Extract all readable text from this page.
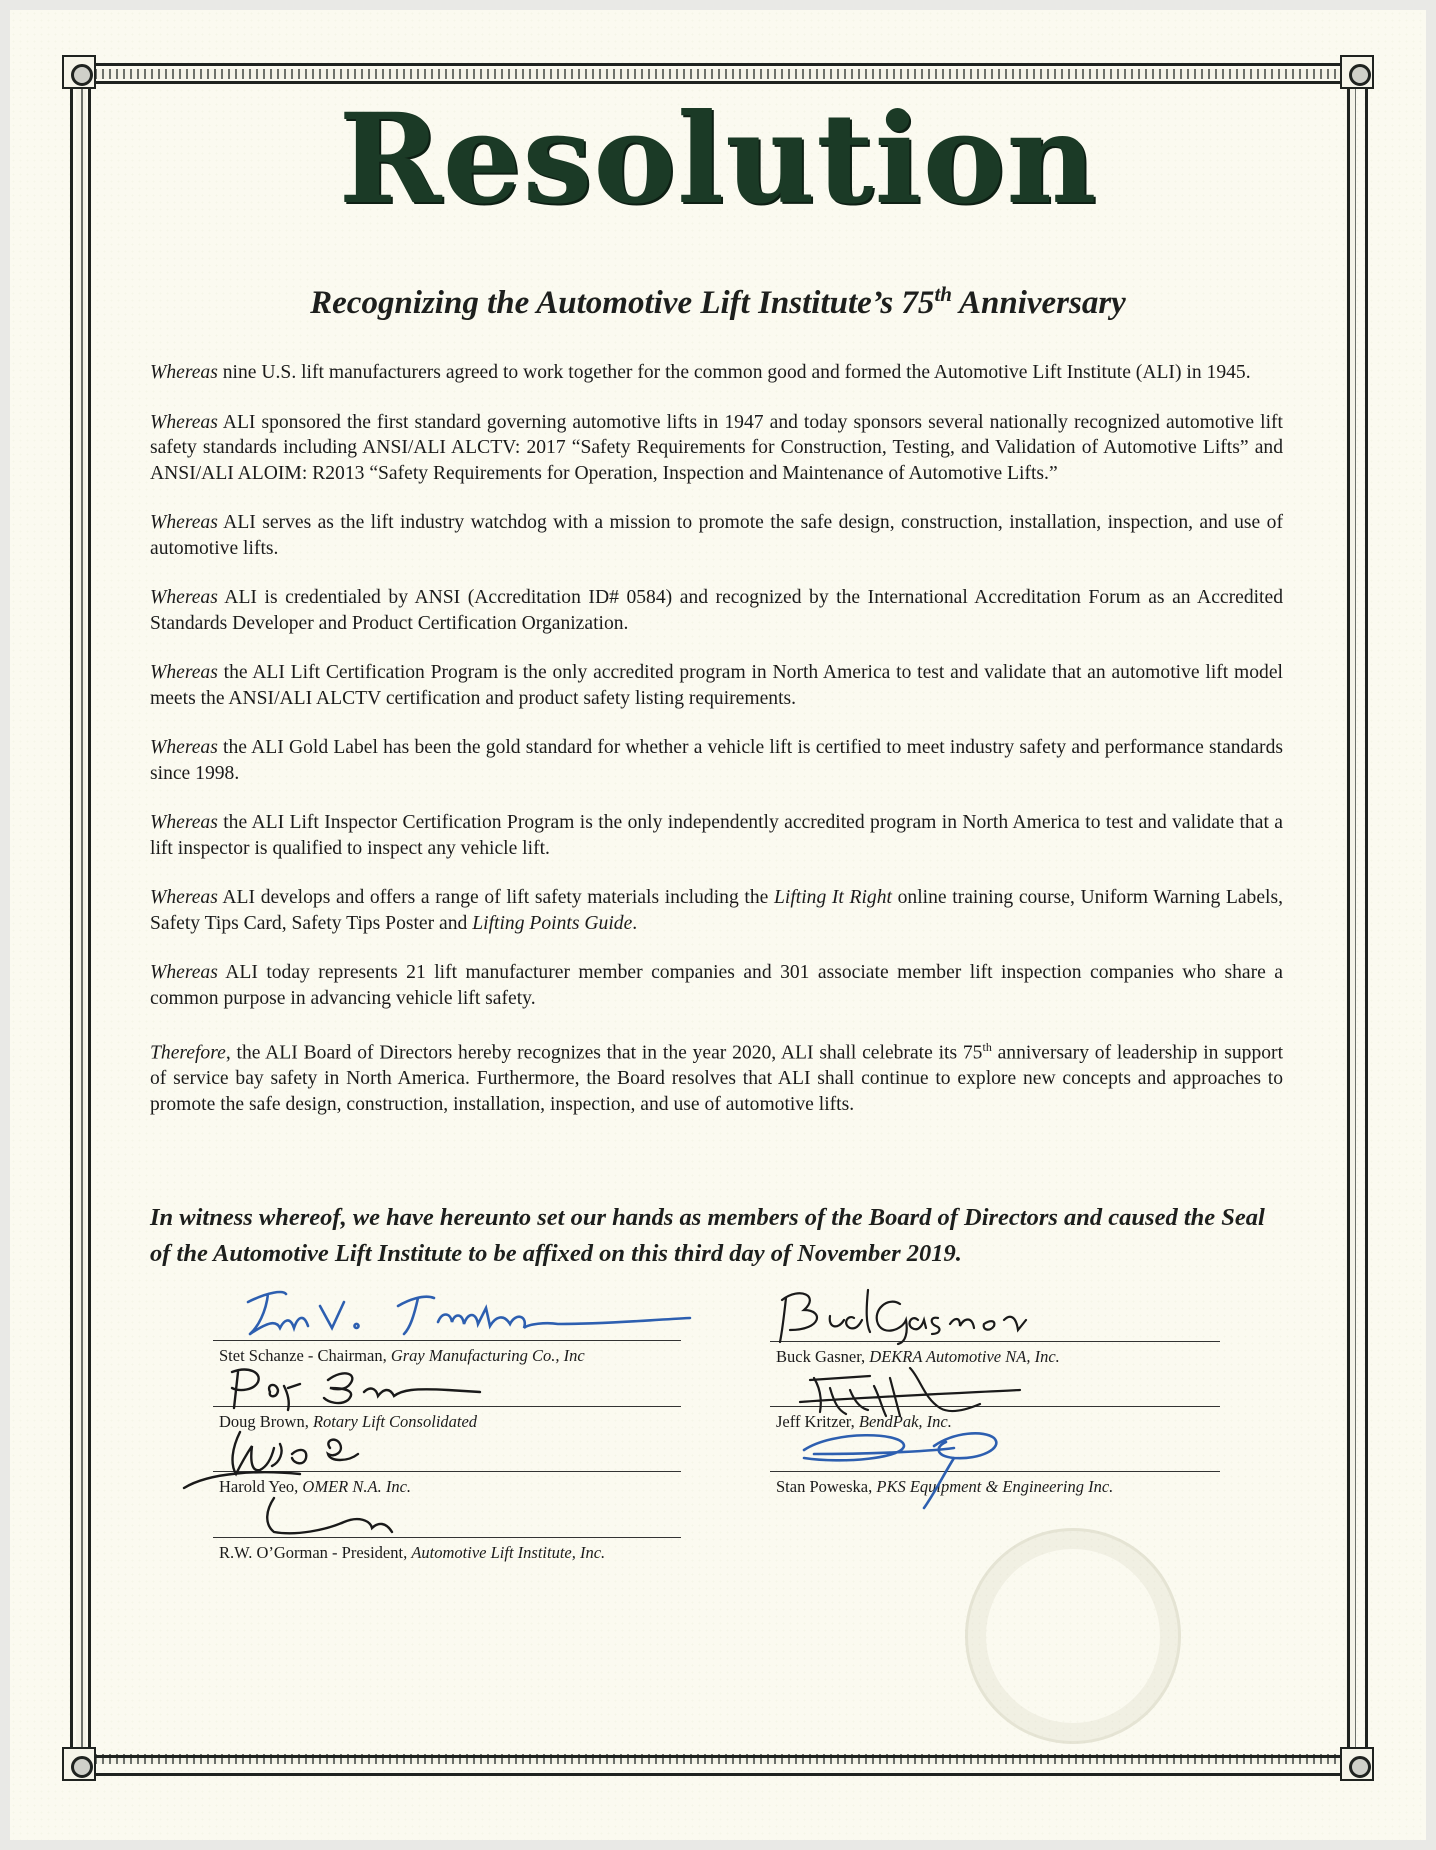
Resolution
Recognizing the Automotive Lift Institute’s 75th Anniversary

Whereas nine U.S. lift manufacturers agreed to work together for the common good and formed the Automotive Lift Institute (ALI) in 1945.

Whereas ALI sponsored the first standard governing automotive lifts in 1947 and today sponsors several nationally recognized automotive lift safety standards including ANSI/ALI ALCTV: 2017 “Safety Requirements for Construction, Testing, and Validation of Automotive Lifts” and ANSI/ALI ALOIM: R2013 “Safety Requirements for Operation, Inspection and Maintenance of Automotive Lifts.”

Whereas ALI serves as the lift industry watchdog with a mission to promote the safe design, construction, installation, inspection, and use of automotive lifts.

Whereas ALI is credentialed by ANSI (Accreditation ID# 0584) and recognized by the International Accreditation Forum as an Accredited Standards Developer and Product Certification Organization.

Whereas the ALI Lift Certification Program is the only accredited program in North America to test and validate that an automotive lift model meets the ANSI/ALI ALCTV certification and product safety listing requirements.

Whereas the ALI Gold Label has been the gold standard for whether a vehicle lift is certified to meet industry safety and performance standards since 1998.

Whereas the ALI Lift Inspector Certification Program is the only independently accredited program in North America to test and validate that a lift inspector is qualified to inspect any vehicle lift.

Whereas ALI develops and offers a range of lift safety materials including the Lifting It Right online training course, Uniform Warning Labels, Safety Tips Card, Safety Tips Poster and Lifting Points Guide.

Whereas ALI today represents 21 lift manufacturer member companies and 301 associate member lift inspection companies who share a common purpose in advancing vehicle lift safety.

Therefore, the ALI Board of Directors hereby recognizes that in the year 2020, ALI shall celebrate its 75th anniversary of leadership in support of service bay safety in North America. Furthermore, the Board resolves that ALI shall continue to explore new concepts and approaches to promote the safe design, construction, installation, inspection, and use of automotive lifts.

In witness whereof, we have hereunto set our hands as members of the Board of Directors and caused the Seal of the Automotive Lift Institute to be affixed on this third day of November 2019.

Stet Schanze - Chairman, Gray Manufacturing Co., Inc
Doug Brown, Rotary Lift Consolidated
Harold Yeo, OMER N.A. Inc.
R.W. O’Gorman - President, Automotive Lift Institute, Inc.
Buck Gasner, DEKRA Automotive NA, Inc.
Jeff Kritzer, BendPak, Inc.
Stan Poweska, PKS Equipment & Engineering Inc.
